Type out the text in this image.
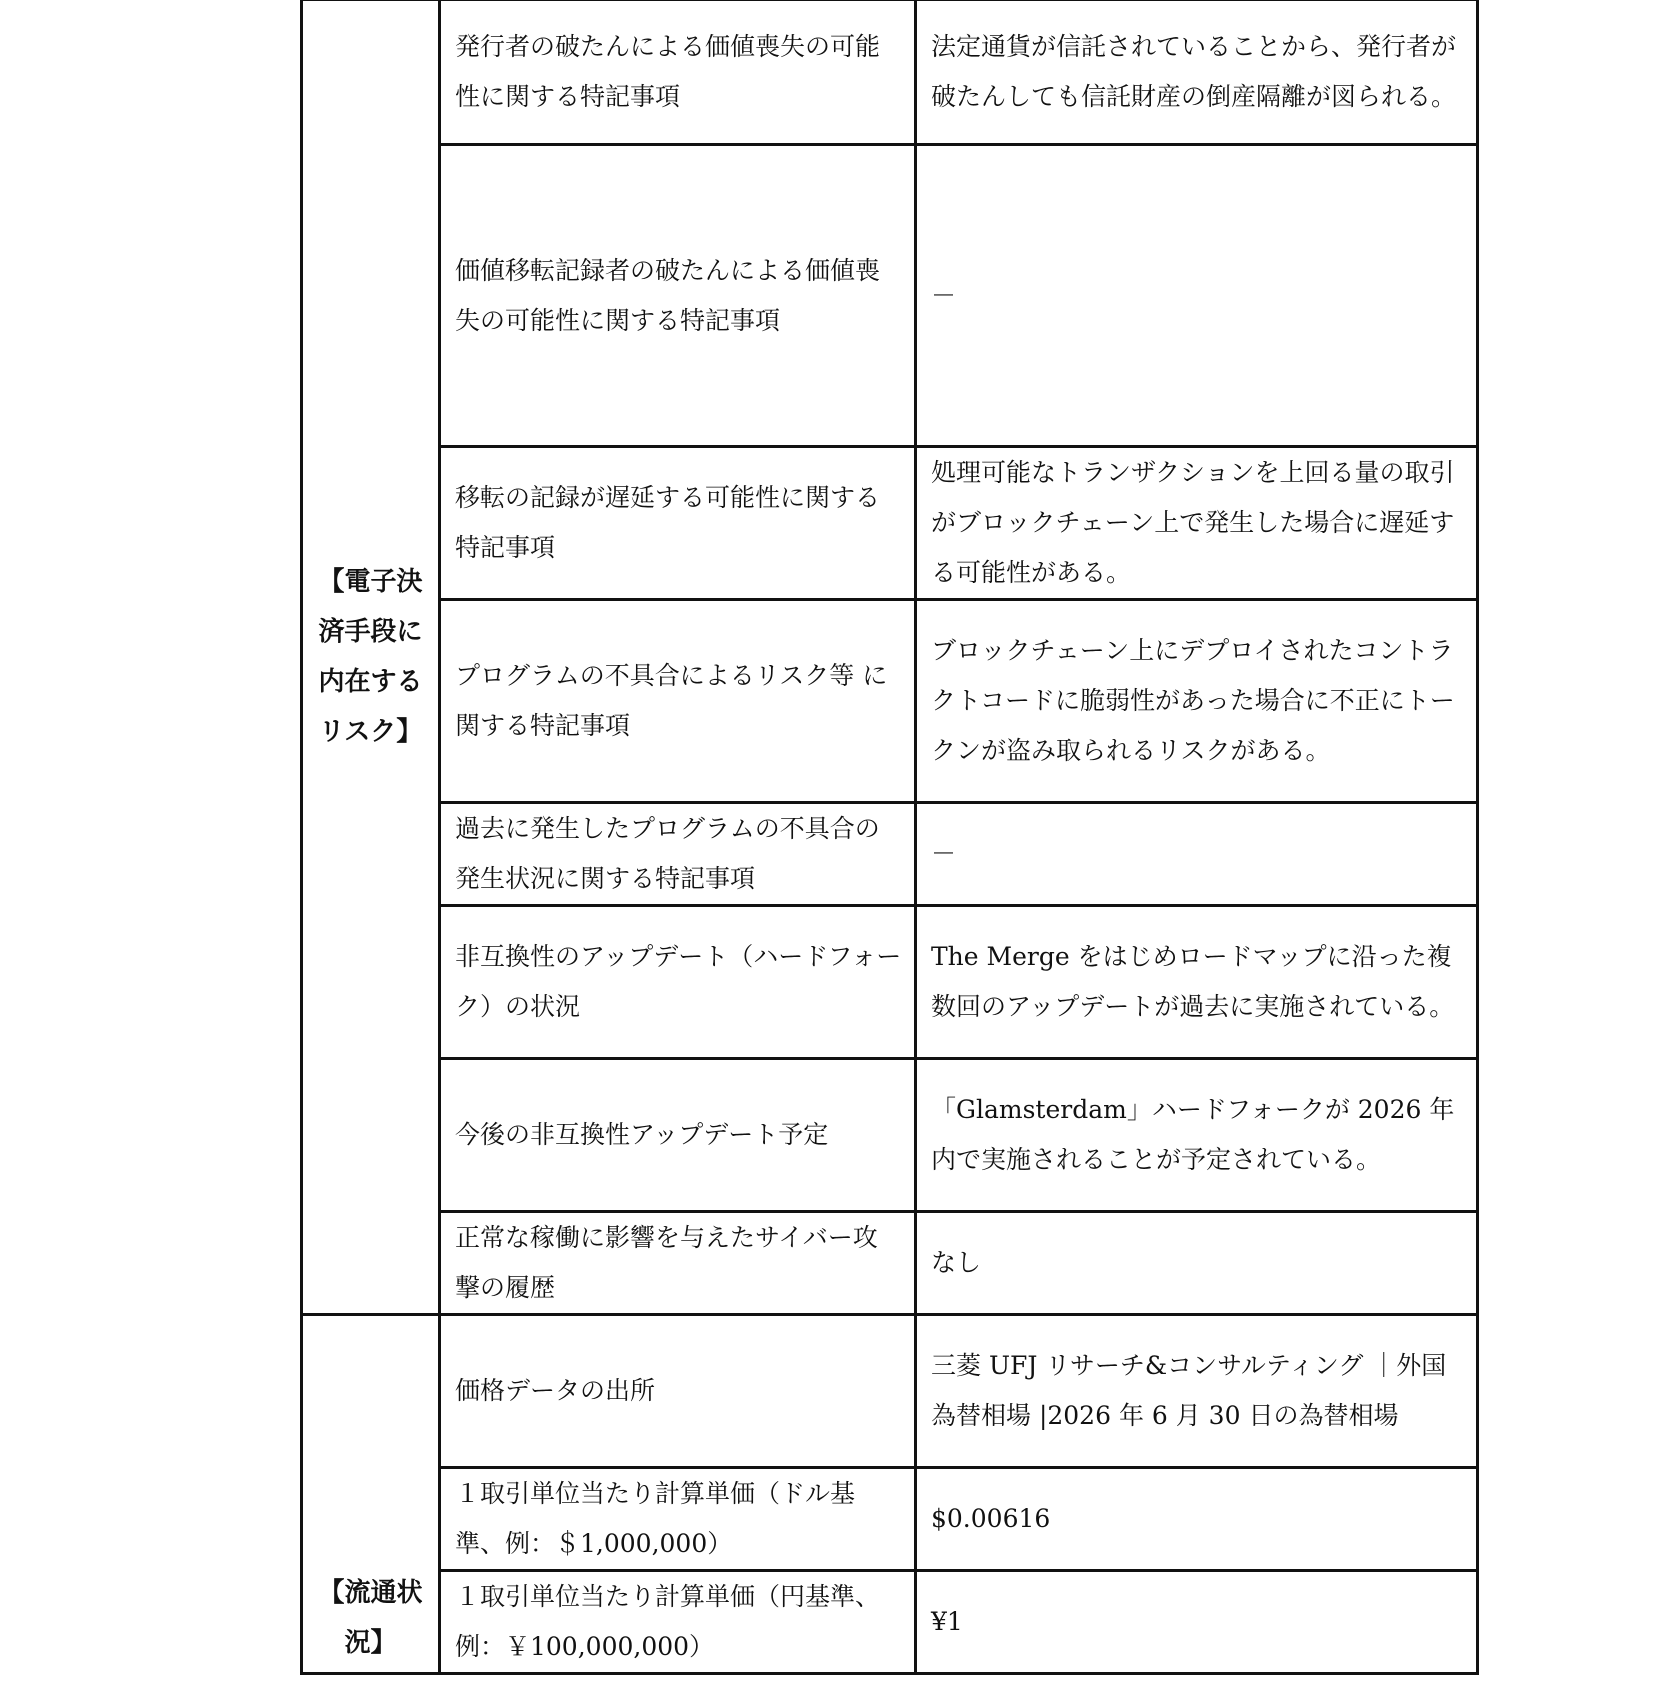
【電子決済手段に内在するリスク】	発行者の破たんによる価値喪失の可能性に関する特記事項	法定通貨が信託されていることから、発行者が破たんしても信託財産の倒産隔離が図られる。
	価値移転記録者の破たんによる価値喪失の可能性に関する特記事項	－
	移転の記録が遅延する可能性に関する特記事項	処理可能なトランザクションを上回る量の取引がブロックチェーン上で発生した場合に遅延する可能性がある。
	プログラムの不具合によるリスク等 に関する特記事項	ブロックチェーン上にデプロイされたコントラクトコードに脆弱性があった場合に不正にトークンが盗み取られるリスクがある。
	過去に発生したプログラムの不具合の発生状況に関する特記事項	－
	非互換性のアップデート（ハードフォーク）の状況	The Merge をはじめロードマップに沿った複数回のアップデートが過去に実施されている。
	今後の非互換性アップデート予定	「Glamsterdam」ハードフォークが 2026 年内で実施されることが予定されている。
	正常な稼働に影響を与えたサイバー攻撃の履歴	なし
【流通状況】	価格データの出所	三菱 UFJ リサーチ&コンサルティング ｜外国為替相場 |2026 年 6 月 30 日の為替相場
	１取引単位当たり計算単価（ドル基準、例：＄1,000,000）	$0.00616
	１取引単位当たり計算単価（円基準、例：￥100,000,000）	¥1
